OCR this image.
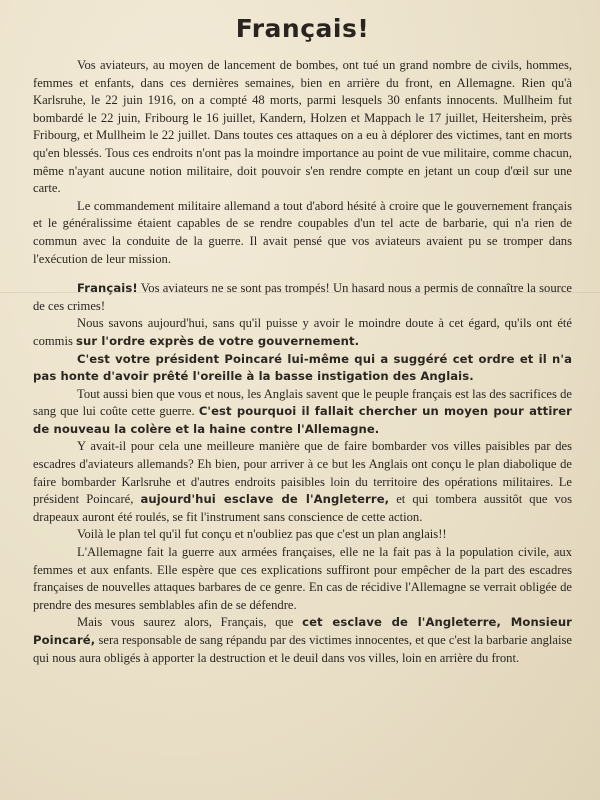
Français!

Vos aviateurs, au moyen de lancement de bombes, ont tué un grand nombre de civils, hommes, femmes et enfants, dans ces dernières semaines, bien en arrière du front, en Allemagne. Rien qu'à Karlsruhe, le 22 juin 1916, on a compté 48 morts, parmi lesquels 30 enfants innocents. Mullheim fut bombardé le 22 juin, Fribourg le 16 juillet, Kandern, Holzen et Mappach le 17 juillet, Heitersheim, près Fribourg, et Mullheim le 22 juillet. Dans toutes ces attaques on a eu à déplorer des victimes, tant en morts qu'en blessés. Tous ces endroits n'ont pas la moindre importance au point de vue militaire, comme chacun, même n'ayant aucune notion militaire, doit pouvoir s'en rendre compte en jetant un coup d'œil sur une carte.

Le commandement militaire allemand a tout d'abord hésité à croire que le gouvernement français et le généralissime étaient capables de se rendre coupables d'un tel acte de barbarie, qui n'a rien de commun avec la conduite de la guerre. Il avait pensé que vos aviateurs avaient pu se tromper dans l'exécution de leur mission.

Français! Vos aviateurs ne se sont pas trompés! Un hasard nous a permis de connaître la source de ces crimes!

Nous savons aujourd'hui, sans qu'il puisse y avoir le moindre doute à cet égard, qu'ils ont été commis sur l'ordre exprès de votre gouvernement.

C'est votre président Poincaré lui-même qui a suggéré cet ordre et il n'a pas honte d'avoir prêté l'oreille à la basse instigation des Anglais.

Tout aussi bien que vous et nous, les Anglais savent que le peuple français est las des sacrifices de sang que lui coûte cette guerre. C'est pourquoi il fallait chercher un moyen pour attirer de nouveau la colère et la haine contre l'Allemagne.

Y avait-il pour cela une meilleure manière que de faire bombarder vos villes paisibles par des escadres d'aviateurs allemands? Eh bien, pour arriver à ce but les Anglais ont conçu le plan diabolique de faire bombarder Karlsruhe et d'autres endroits paisibles loin du territoire des opérations militaires. Le président Poincaré, aujourd'hui esclave de l'Angleterre, et qui tombera aussitôt que vos drapeaux auront été roulés, se fit l'instrument sans conscience de cette action.

Voilà le plan tel qu'il fut conçu et n'oubliez pas que c'est un plan anglais!!

L'Allemagne fait la guerre aux armées françaises, elle ne la fait pas à la population civile, aux femmes et aux enfants. Elle espère que ces explications suffiront pour empêcher de la part des escadres françaises de nouvelles attaques barbares de ce genre. En cas de récidive l'Allemagne se verrait obligée de prendre des mesures semblables afin de se défendre.

Mais vous saurez alors, Français, que cet esclave de l'Angleterre, Monsieur Poincaré, sera responsable de sang répandu par des victimes innocentes, et que c'est la barbarie anglaise qui nous aura obligés à apporter la destruction et le deuil dans vos villes, loin en arrière du front.
